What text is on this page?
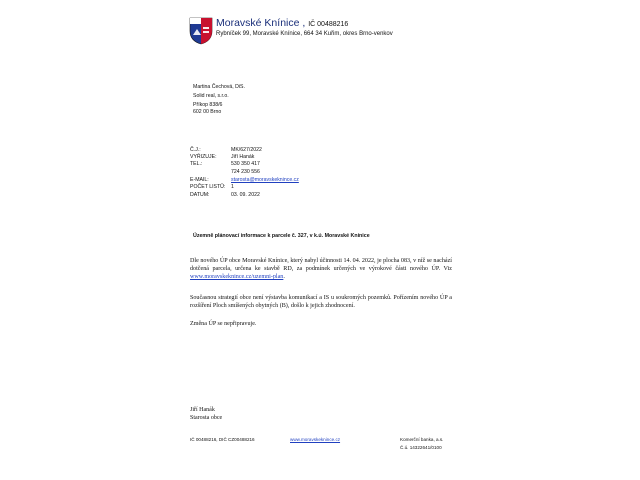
Moravské Knínice , IČ 00488216
Rybníček 99, Moravské Knínice, 664 34 Kuřim, okres Brno-venkov
Martina Čechová, DiS.
Solid real, s.r.o.
Příkop 838/6
602 00 Brno
Č.J.:	MK/627/2022
VYŘIZUJE:	Jiří Hanák
TEL.:	530 350 417
724 230 556
E-MAIL:	starosta@moravskeknince.cz
POČET LISTŮ: 1
DATUM:	03. 09. 2022
Územně plánovací informace k parcele č. 327, v k.ú. Moravské Knínice
Dle nového ÚP obce Moravské Knínice, který nabyl účinnosti 14. 04. 2022, je plocha 083, v níž se nachází dotčená parcela, určena ke stavbě RD, za podmínek určených ve výrokové části nového ÚP. Viz www.moravskeknince.cz/uzemni-plan.
Současnou strategií obce není výstavba komunikací a IS u soukromých pozemků. Pořízením nového ÚP a rozšíření Ploch smíšených obytných (B), došlo k jejich zhodnocení.
Změna ÚP se nepřipravuje.
Jiří Hanák
Starosta obce
IČ 00488216, DIČ CZ00488216	www.moravskeknince.cz	Komerční banka, a.s.
Č.ú. 14322641/0100
